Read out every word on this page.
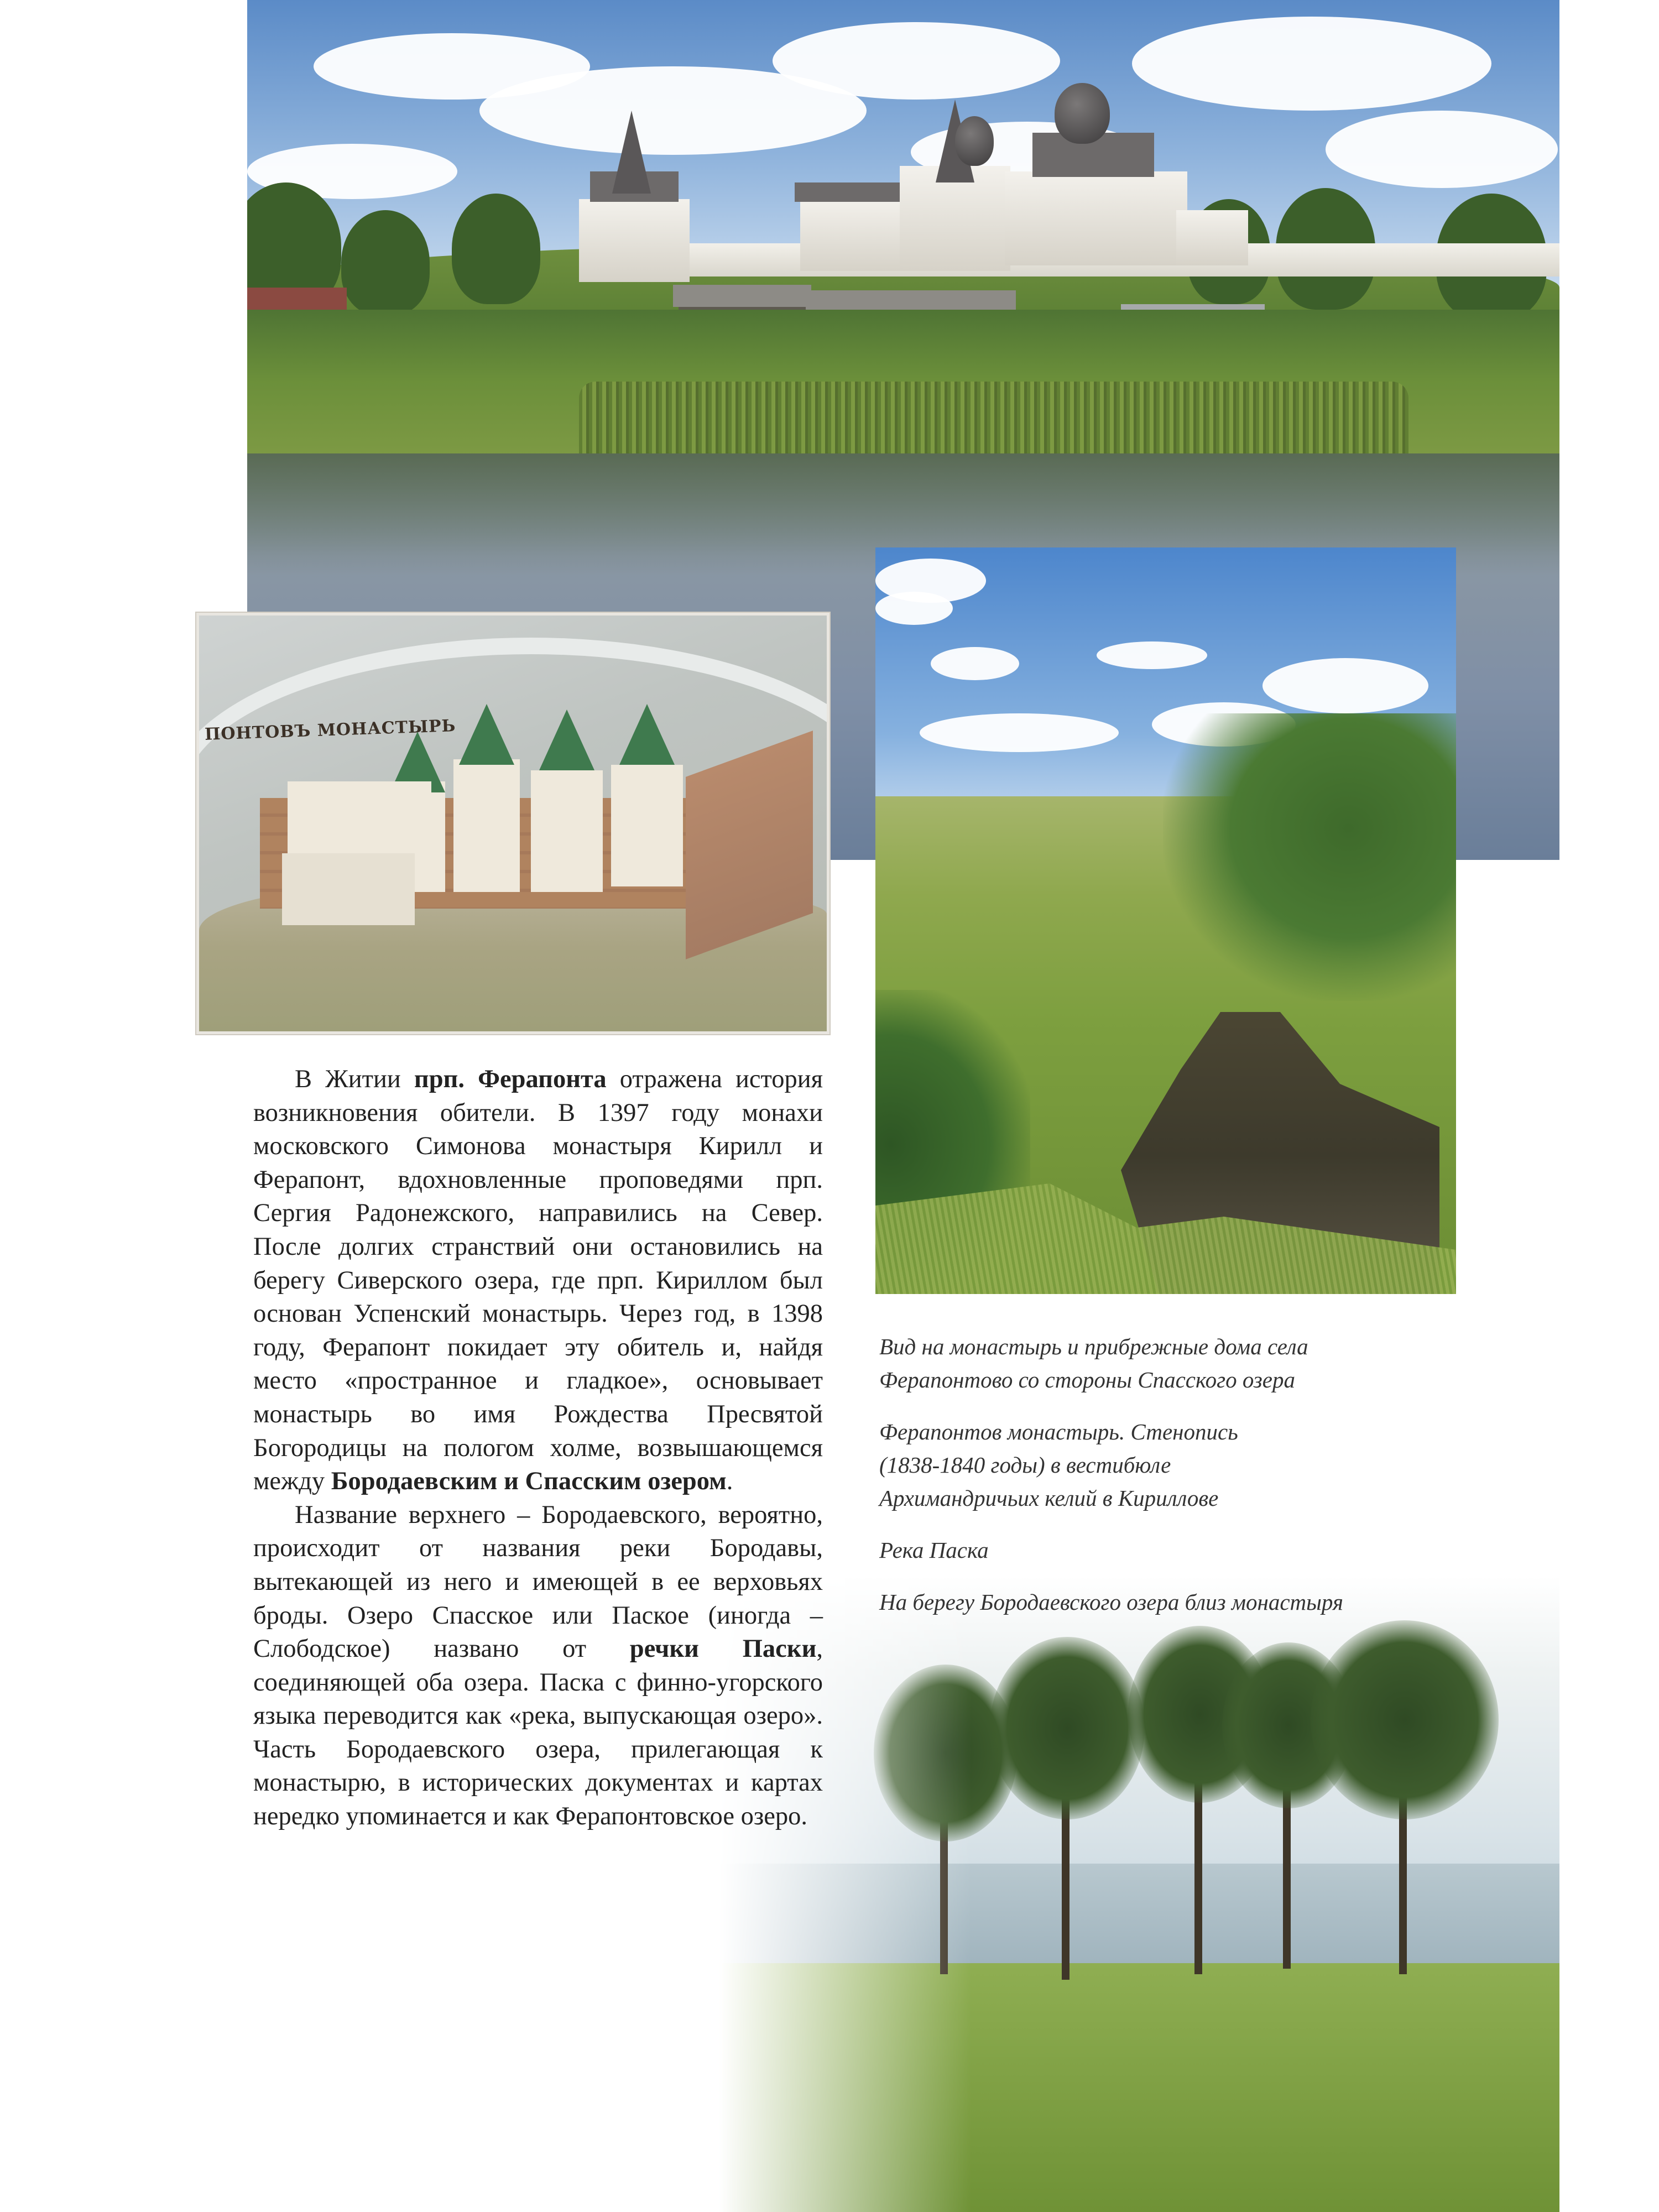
ПОНТОВЪ МОНАСТЫРЬ

В Житии прп. Ферапонта отражена история возникновения обители. В 1397 году монахи московского Симонова монастыря Кирилл и Ферапонт, вдохновленные проповедями прп. Сергия Радонежского, направились на Север. После долгих странствий они остановились на берегу Сиверского озера, где прп. Кириллом был основан Успенский монастырь. Через год, в 1398 году, Ферапонт покидает эту обитель и, найдя место «пространное и гладкое», основывает монастырь во имя Рождества Пресвятой Богородицы на пологом холме, возвышающемся между Бородаевским и Спасским озером.

Название верхнего – Бородаевского, вероятно, происходит от названия реки Бородавы, вытекающей из него и имеющей в ее верховьях броды. Озеро Спасское или Паское (иногда – Слободское) названо от речки Паски, соединяющей оба озера. Паска с финно-угорского языка переводится как «река, выпускающая озеро». Часть Бородаевского озера, прилегающая к монастырю, в исторических документах и картах нередко упоминается и как Ферапонтовское озеро.

Вид на монастырь и прибрежные дома села
Ферапонтово со стороны Спасского озера

Ферапонтов монастырь. Стенопись
(1838-1840 годы) в вестибюле
Архимандричьих келий в Кириллове

Река Паска

На берегу Бородаевского озера близ монастыря
